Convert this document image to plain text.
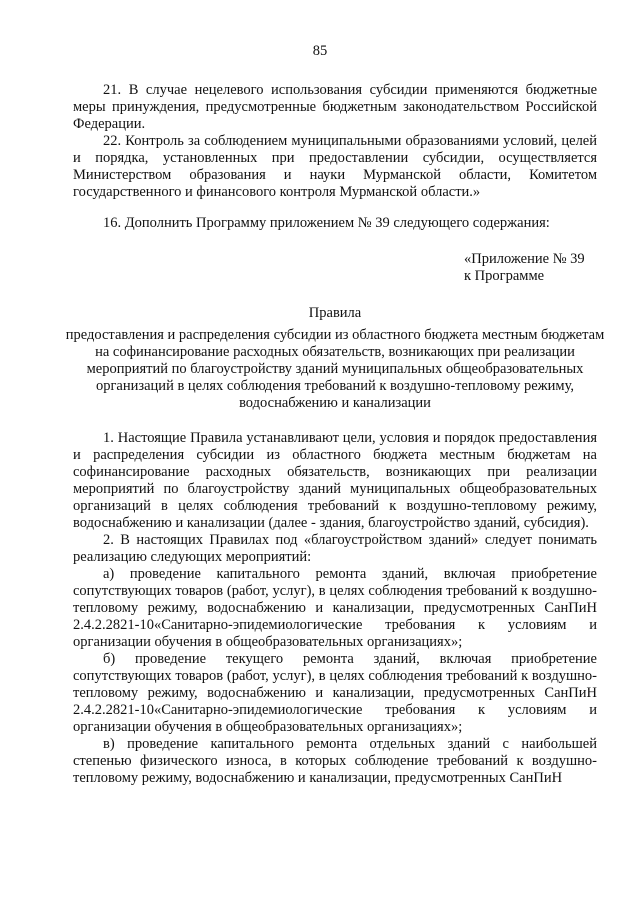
85

21. В случае нецелевого использования субсидии применяются бюджетные меры принуждения, предусмотренные бюджетным законодательством Российской Федерации.

22. Контроль за соблюдением муниципальными образованиями условий, целей и порядка, установленных при предоставлении субсидии, осуществляется Министерством образования и науки Мурманской области, Комитетом государственного и финансового контроля Мурманской области.»

16. Дополнить Программу приложением № 39 следующего содержания:

«Приложение № 39
к Программе
Правила
предоставления и распределения субсидии из областного бюджета местным бюджетам на софинансирование расходных обязательств, возникающих при реализации мероприятий по благоустройству зданий муниципальных общеобразовательных организаций в целях соблюдения требований к воздушно-тепловому режиму, водоснабжению и канализации

1. Настоящие Правила устанавливают цели, условия и порядок предоставления и распределения субсидии из областного бюджета местным бюджетам на софинансирование расходных обязательств, возникающих при реализации мероприятий по благоустройству зданий муниципальных общеобразовательных организаций в целях соблюдения требований к воздушно-тепловому режиму, водоснабжению и канализации (далее - здания, благоустройство зданий, субсидия).

2. В настоящих Правилах под «благоустройством зданий» следует понимать реализацию следующих мероприятий:

а) проведение капитального ремонта зданий, включая приобретение сопутствующих товаров (работ, услуг), в целях соблюдения требований к воздушно-тепловому режиму, водоснабжению и канализации, предусмотренных СанПиН 2.4.2.2821-10«Санитарно-эпидемиологические требования к условиям и организации обучения в общеобразовательных организациях»;

б) проведение текущего ремонта зданий, включая приобретение сопутствующих товаров (работ, услуг), в целях соблюдения требований к воздушно-тепловому режиму, водоснабжению и канализации, предусмотренных СанПиН 2.4.2.2821-10«Санитарно-эпидемиологические требования к условиям и организации обучения в общеобразовательных организациях»;

в) проведение капитального ремонта отдельных зданий с наибольшей степенью физического износа, в которых соблюдение требований к воздушно-тепловому режиму, водоснабжению и канализации, предусмотренных СанПиН
